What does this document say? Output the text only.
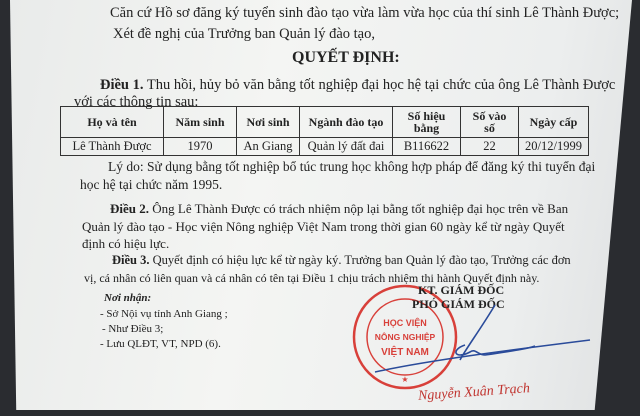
Căn cứ Hồ sơ đăng ký tuyển sinh đào tạo vừa làm vừa học của thí sinh Lê Thành Được;
Xét đề nghị của Trưởng ban Quản lý đào tạo,
QUYẾT ĐỊNH:
Điều 1. Thu hồi, hủy bỏ văn bằng tốt nghiệp đại học hệ tại chức của ông Lê Thành Được
với các thông tin sau:
Họ và tên	Năm sinh	Nơi sinh	Ngành đào tạo	Số hiệu bằng	Số vào số	Ngày cấp
Lê Thành Được	1970	An Giang	Quản lý đất đai	B116622	22	20/12/1999
Lý do: Sử dụng bằng tốt nghiệp bổ túc trung học không hợp pháp để đăng ký thi tuyển đại
học hệ tại chức năm 1995.
Điều 2. Ông Lê Thành Được có trách nhiệm nộp lại bằng tốt nghiệp đại học trên về Ban
Quản lý đào tạo - Học viện Nông nghiệp Việt Nam trong thời gian 60 ngày kể từ ngày Quyết
định có hiệu lực.
Điều 3. Quyết định có hiệu lực kể từ ngày ký. Trưởng ban Quản lý đào tạo, Trưởng các đơn
vị, cá nhân có liên quan và cá nhân có tên tại Điều 1 chịu trách nhiệm thi hành Quyết định này.
Nơi nhận:
- Sở Nội vụ tỉnh Anh Giang ;
- Như Điều 3;
- Lưu QLĐT, VT, NPD (6).
HỌC VIỆN
NÔNG NGHIỆP
VIỆT NAM
★
KT. GIÁM ĐỐC
PHÓ GIÁM ĐỐC
Nguyễn Xuân Trạch
